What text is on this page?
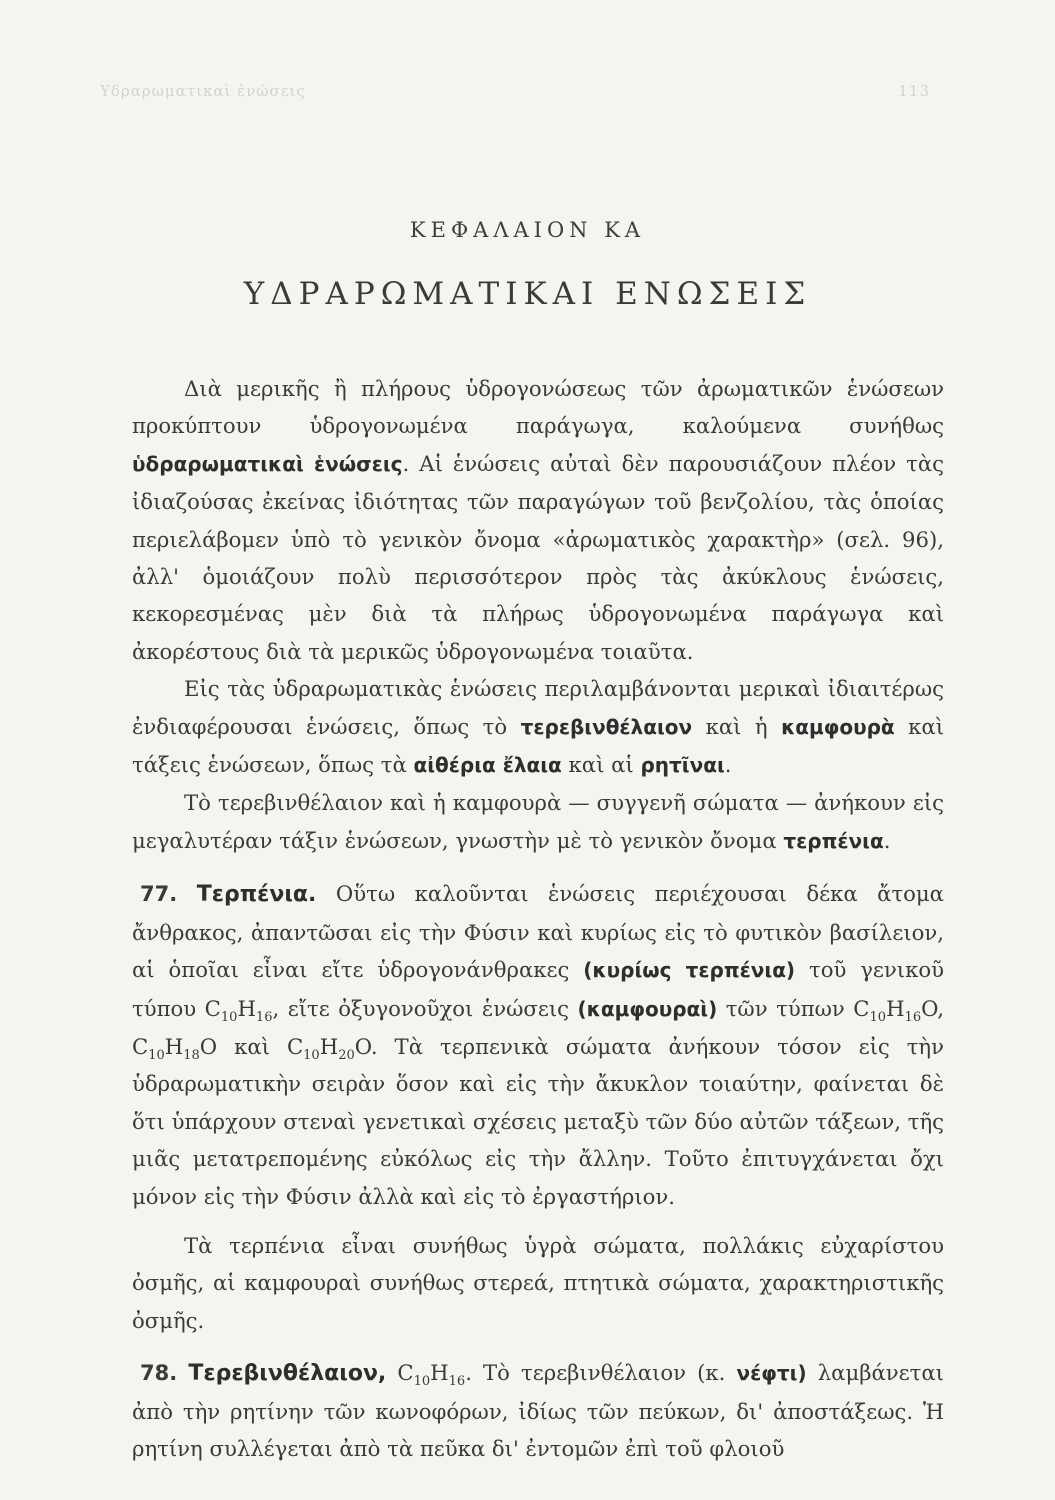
Υδραρωματικαὶ ἑνώσεις	113
ΚΕΦΑΛΑΙΟΝ ΚΑ
ΥΔΡΑΡΩΜΑΤΙΚΑΙ ΕΝΩΣΕΙΣ

Διὰ μερικῆς ἢ πλήρους ὑδρογονώσεως τῶν ἀρωματικῶν ἑνώσεων προκύπτουν ὑδρογονωμένα παράγωγα, καλούμενα συνήθως ὑδραρωματικαὶ ἑνώσεις. Αἱ ἑνώσεις αὐταὶ δὲν παρουσιάζουν πλέον τὰς ἰδιαζούσας ἐκείνας ἰδιότητας τῶν παραγώγων τοῦ βενζολίου, τὰς ὁποίας περιελάβομεν ὑπὸ τὸ γενικὸν ὄνομα «ἀρωματικὸς χαρακτὴρ» (σελ. 96), ἀλλ' ὁμοιάζουν πολὺ περισσότερον πρὸς τὰς ἀκύκλους ἑνώσεις, κεκορεσμένας μὲν διὰ τὰ πλήρως ὑδρογονωμένα παράγωγα καὶ ἀκορέστους διὰ τὰ μερικῶς ὑδρογονωμένα τοιαῦτα.

Εἰς τὰς ὑδραρωματικὰς ἑνώσεις περιλαμβάνονται μερικαὶ ἰδιαιτέρως ἐνδιαφέρουσαι ἑνώσεις, ὅπως τὸ τερεβινθέλαιον καὶ ἡ καμφουρὰ καὶ τάξεις ἑνώσεων, ὅπως τὰ αἰθέρια ἔλαια καὶ αἱ ρητῖναι.

Τὸ τερεβινθέλαιον καὶ ἡ καμφουρὰ — συγγενῆ σώματα — ἀνήκουν εἰς μεγαλυτέραν τάξιν ἑνώσεων, γνωστὴν μὲ τὸ γενικὸν ὄνομα τερπένια.

77. Τερπένια. Οὕτω καλοῦνται ἑνώσεις περιέχουσαι δέκα ἄτομα ἄνθρακος, ἀπαντῶσαι εἰς τὴν Φύσιν καὶ κυρίως εἰς τὸ φυτικὸν βασίλειον, αἱ ὁποῖαι εἶναι εἴτε ὑδρογονάνθρακες (κυρίως τερπένια) τοῦ γενικοῦ τύπου $C_{10}H_{16}$, εἴτε ὀξυγονοῦχοι ἑνώσεις (καμφουραὶ) τῶν τύπων $C_{10}H_{16}O$, $C_{10}H_{18}O$ καὶ $C_{10}H_{20}O$. Τὰ τερπενικὰ σώματα ἀνήκουν τόσον εἰς τὴν ὑδραρωματικὴν σειρὰν ὅσον καὶ εἰς τὴν ἄκυκλον τοιαύτην, φαίνεται δὲ ὅτι ὑπάρχουν στεναὶ γενετικαὶ σχέσεις μεταξὺ τῶν δύο αὐτῶν τάξεων, τῆς μιᾶς μετατρεπομένης εὐκόλως εἰς τὴν ἄλλην. Τοῦτο ἐπιτυγχάνεται ὄχι μόνον εἰς τὴν Φύσιν ἀλλὰ καὶ εἰς τὸ ἐργαστήριον.

Τὰ τερπένια εἶναι συνήθως ὑγρὰ σώματα, πολλάκις εὐχαρίστου ὀσμῆς, αἱ καμφουραὶ συνήθως στερεά, πτητικὰ σώματα, χαρακτηριστικῆς ὀσμῆς.

78. Τερεβινθέλαιον, $C_{10}H_{16}$. Τὸ τερεβινθέλαιον (κ. νέφτι) λαμβάνεται ἀπὸ τὴν ρητίνην τῶν κωνοφόρων, ἰδίως τῶν πεύκων, δι' ἀποστάξεως. Ἡ ρητίνη συλλέγεται ἀπὸ τὰ πεῦκα δι' ἐντομῶν ἐπὶ τοῦ φλοιοῦ
